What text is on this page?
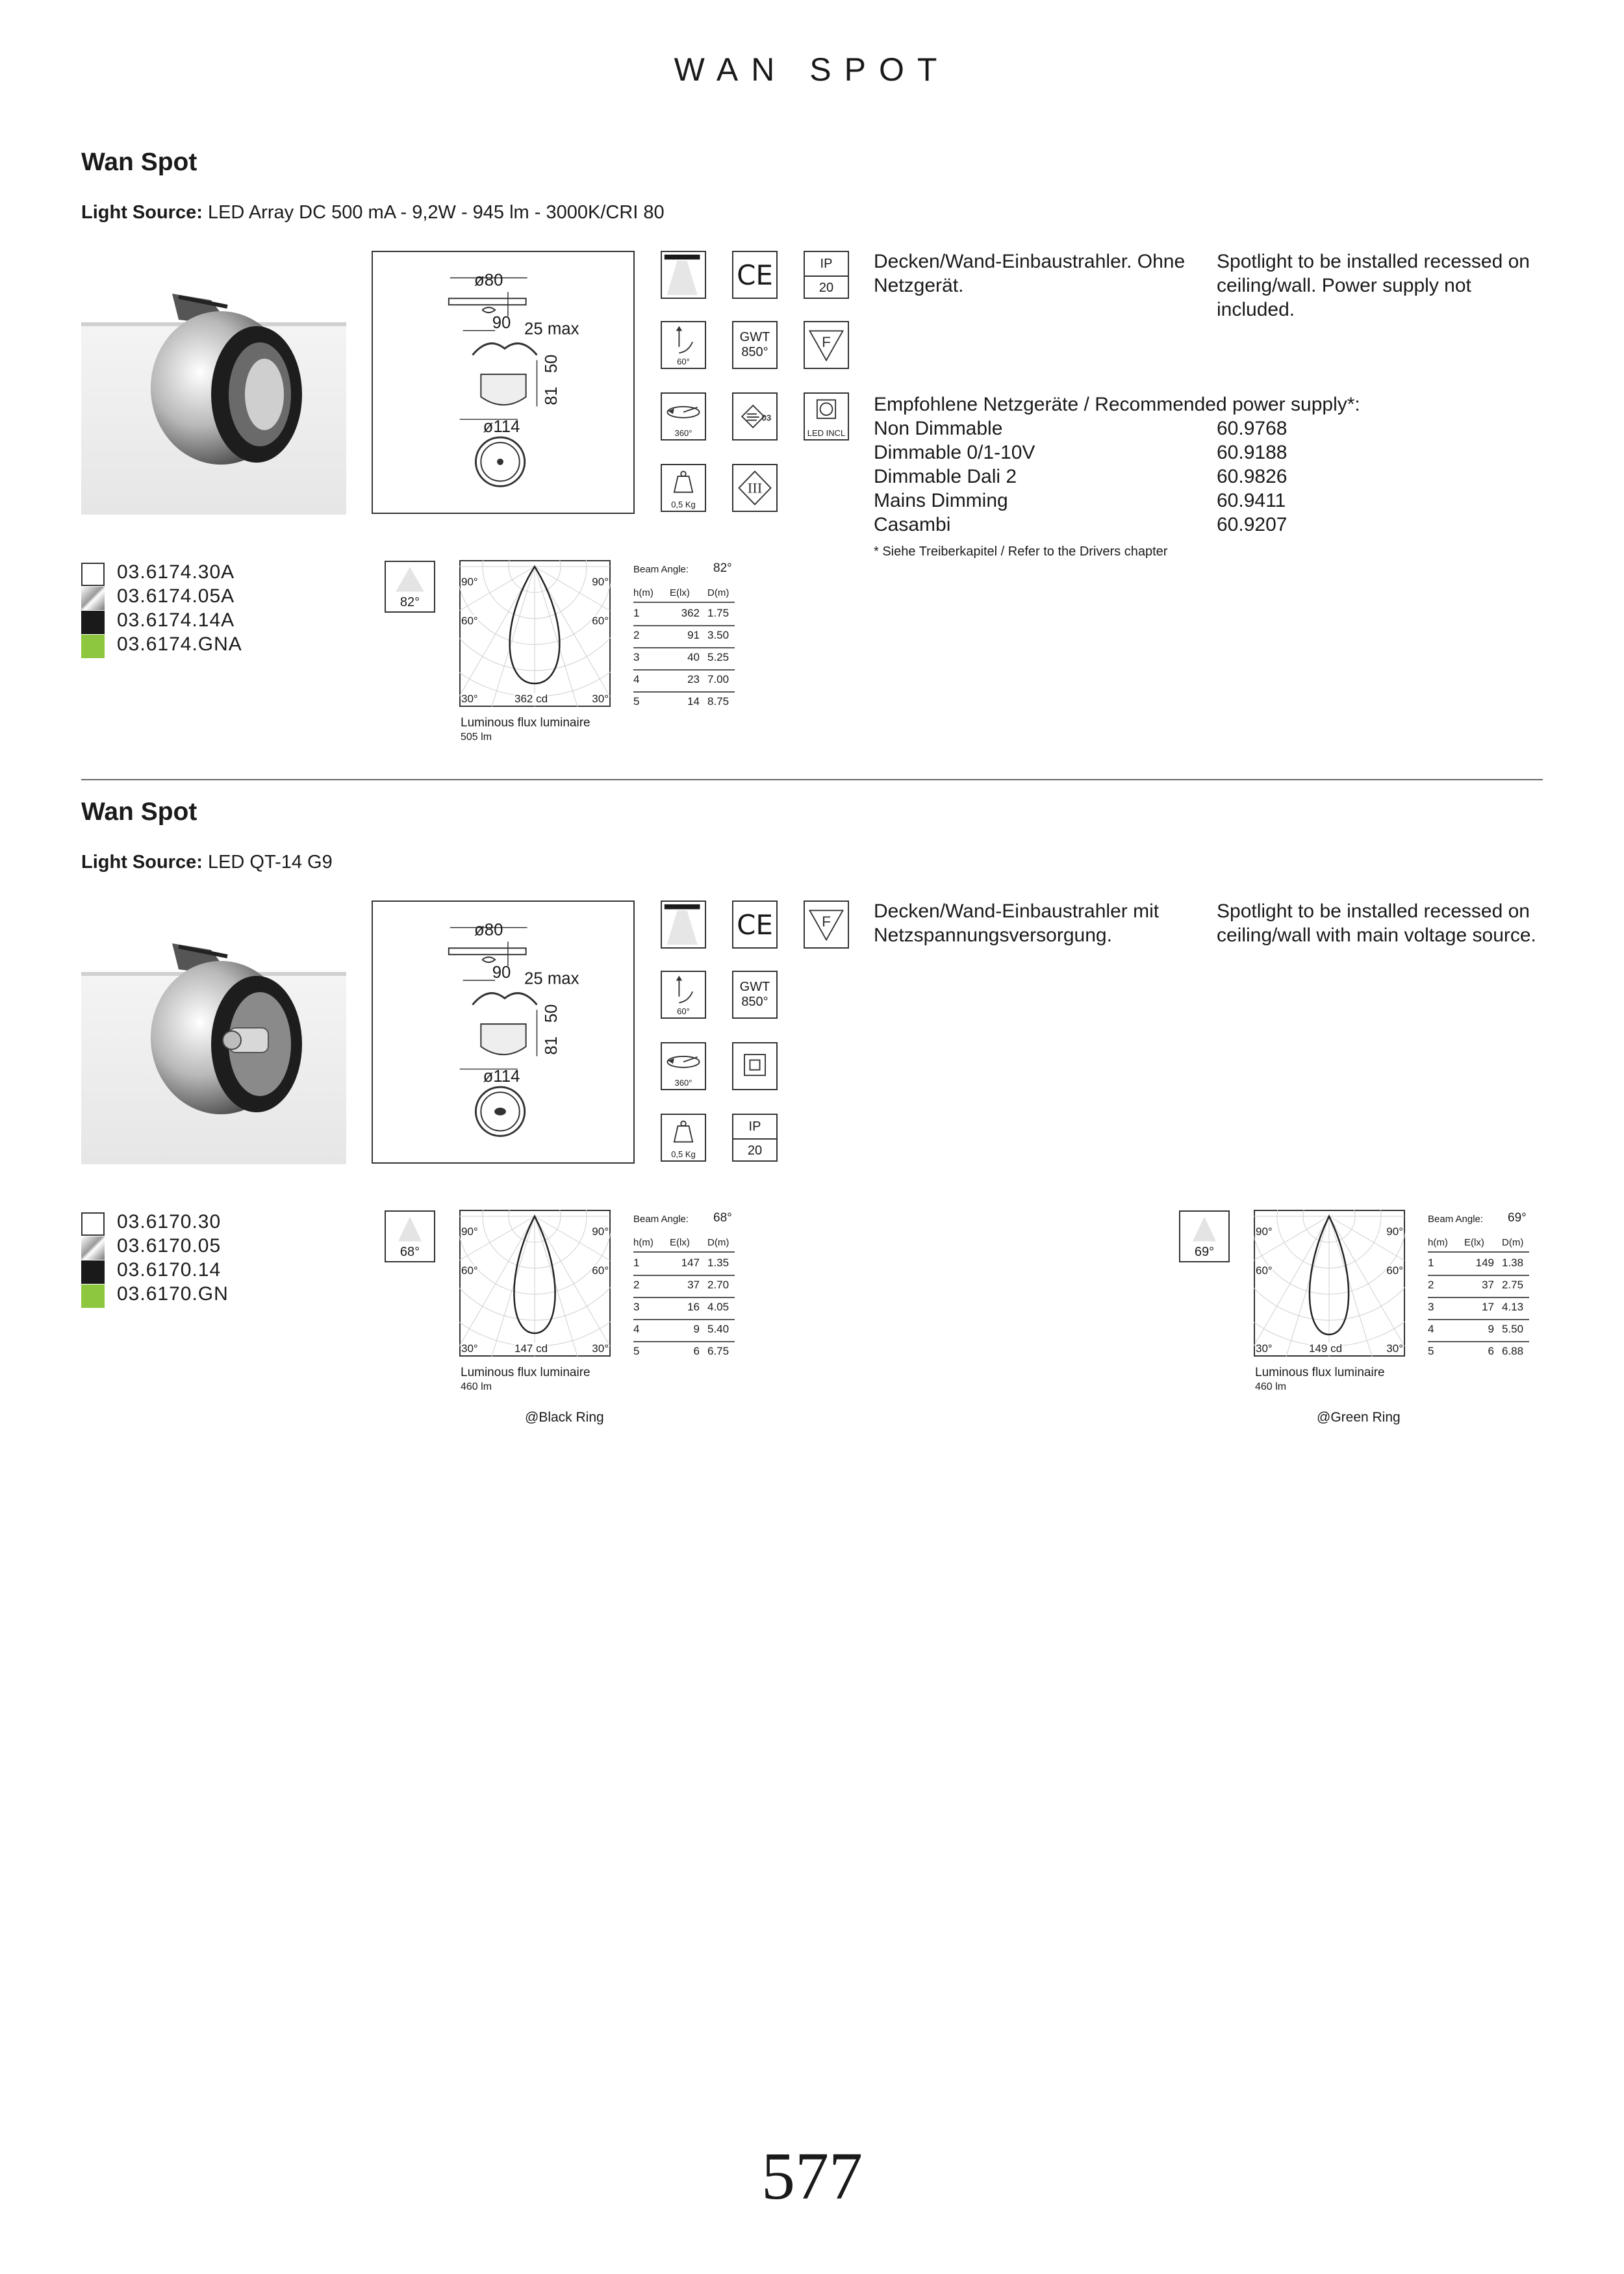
WAN SPOT
Wan Spot
Light Source: LED Array DC 500 mA - 9,2W - 945 lm - 3000K/CRI 80
ø80
90 25 max
81
50
ø114
CE	IP
20
60°
GWT
850°
F
360°
03
LED INCL
0,5 Kg
III
Decken/Wand-Einbaustrahler. Ohne Netzgerät.
Spotlight to be installed recessed on ceiling/wall. Power supply not included.
Empfohlene Netzgeräte / Recommended power supply*:
Non Dimmable	60.9768
Dimmable 0/1-10V	60.9188
Dimmable Dali 2	60.9826
Mains Dimming	60.9411
Casambi	60.9207
* Siehe Treiberkapitel / Refer to the Drivers chapter
03.6174.30A
03.6174.05A
03.6174.14A
03.6174.GNA
82°
90°	90°
60°	60°
30°	362 cd	30°
Luminous flux luminaire
505 lm
Beam Angle: 82°
h(m) E(lx) D(m)
1	362 1.75
2	91 3.50
3	40 5.25
4	23 7.00
5	14 8.75
Wan Spot
Light Source: LED QT-14 G9
ø80
90 25 max
81
50
ø114
CE	F
60°
GWT
850°
360°
0,5 Kg
IP
20
Decken/Wand-Einbaustrahler mit Netzspannungsversorgung.
Spotlight to be installed recessed on ceiling/wall with main voltage source.
03.6170.30
03.6170.05
03.6170.14
03.6170.GN
68°
90°	90°
60°	60°
30°	147 cd	30°
Luminous flux luminaire
460 lm
@Black Ring
Beam Angle: 68°
h(m) E(lx) D(m)
1	147 1.35
2	37 2.70
3	16 4.05
4	9 5.40
5	6 6.75
69°
90°	90°
60°	60°
30°	149 cd	30°
Luminous flux luminaire
460 lm
@Green Ring
Beam Angle: 69°
h(m) E(lx) D(m)
1	149 1.38
2	37 2.75
3	17 4.13
4	9 5.50
5	6 6.88
577
